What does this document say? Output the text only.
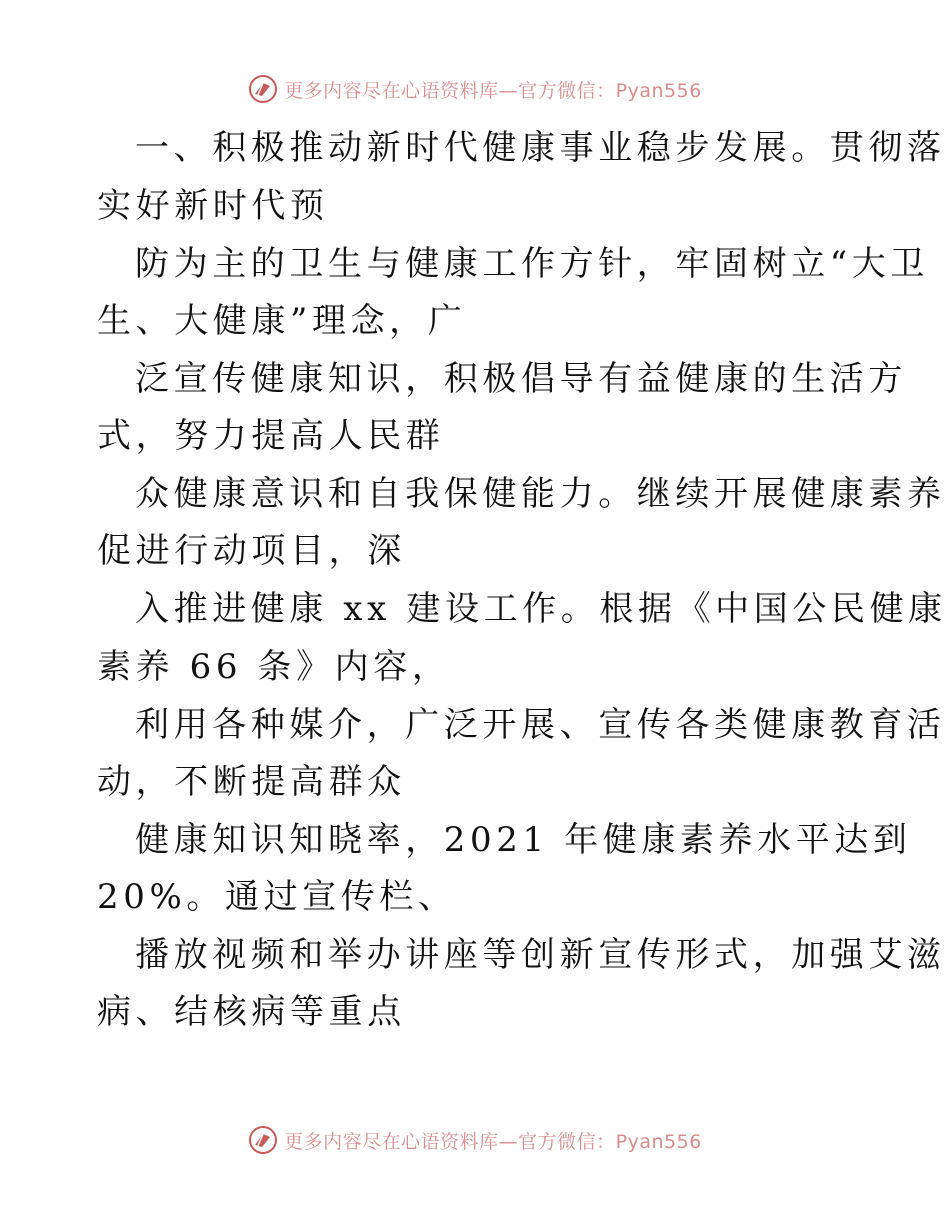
更多内容尽在心语资料库—官方微信：Pyan556
一、积极推动新时代健康事业稳步发展。贯彻落
实好新时代预
防为主的卫生与健康工作方针，牢固树立“大卫
生、大健康”理念，广
泛宣传健康知识，积极倡导有益健康的生活方
式，努力提高人民群
众健康意识和自我保健能力。继续开展健康素养
促进行动项目，深
入推进健康 xx 建设工作。根据《中国公民健康
素养 66 条》内容，
利用各种媒介，广泛开展、宣传各类健康教育活
动，不断提高群众
健康知识知晓率，2021 年健康素养水平达到
20%。通过宣传栏、
播放视频和举办讲座等创新宣传形式，加强艾滋
病、结核病等重点
更多内容尽在心语资料库—官方微信：Pyan556
